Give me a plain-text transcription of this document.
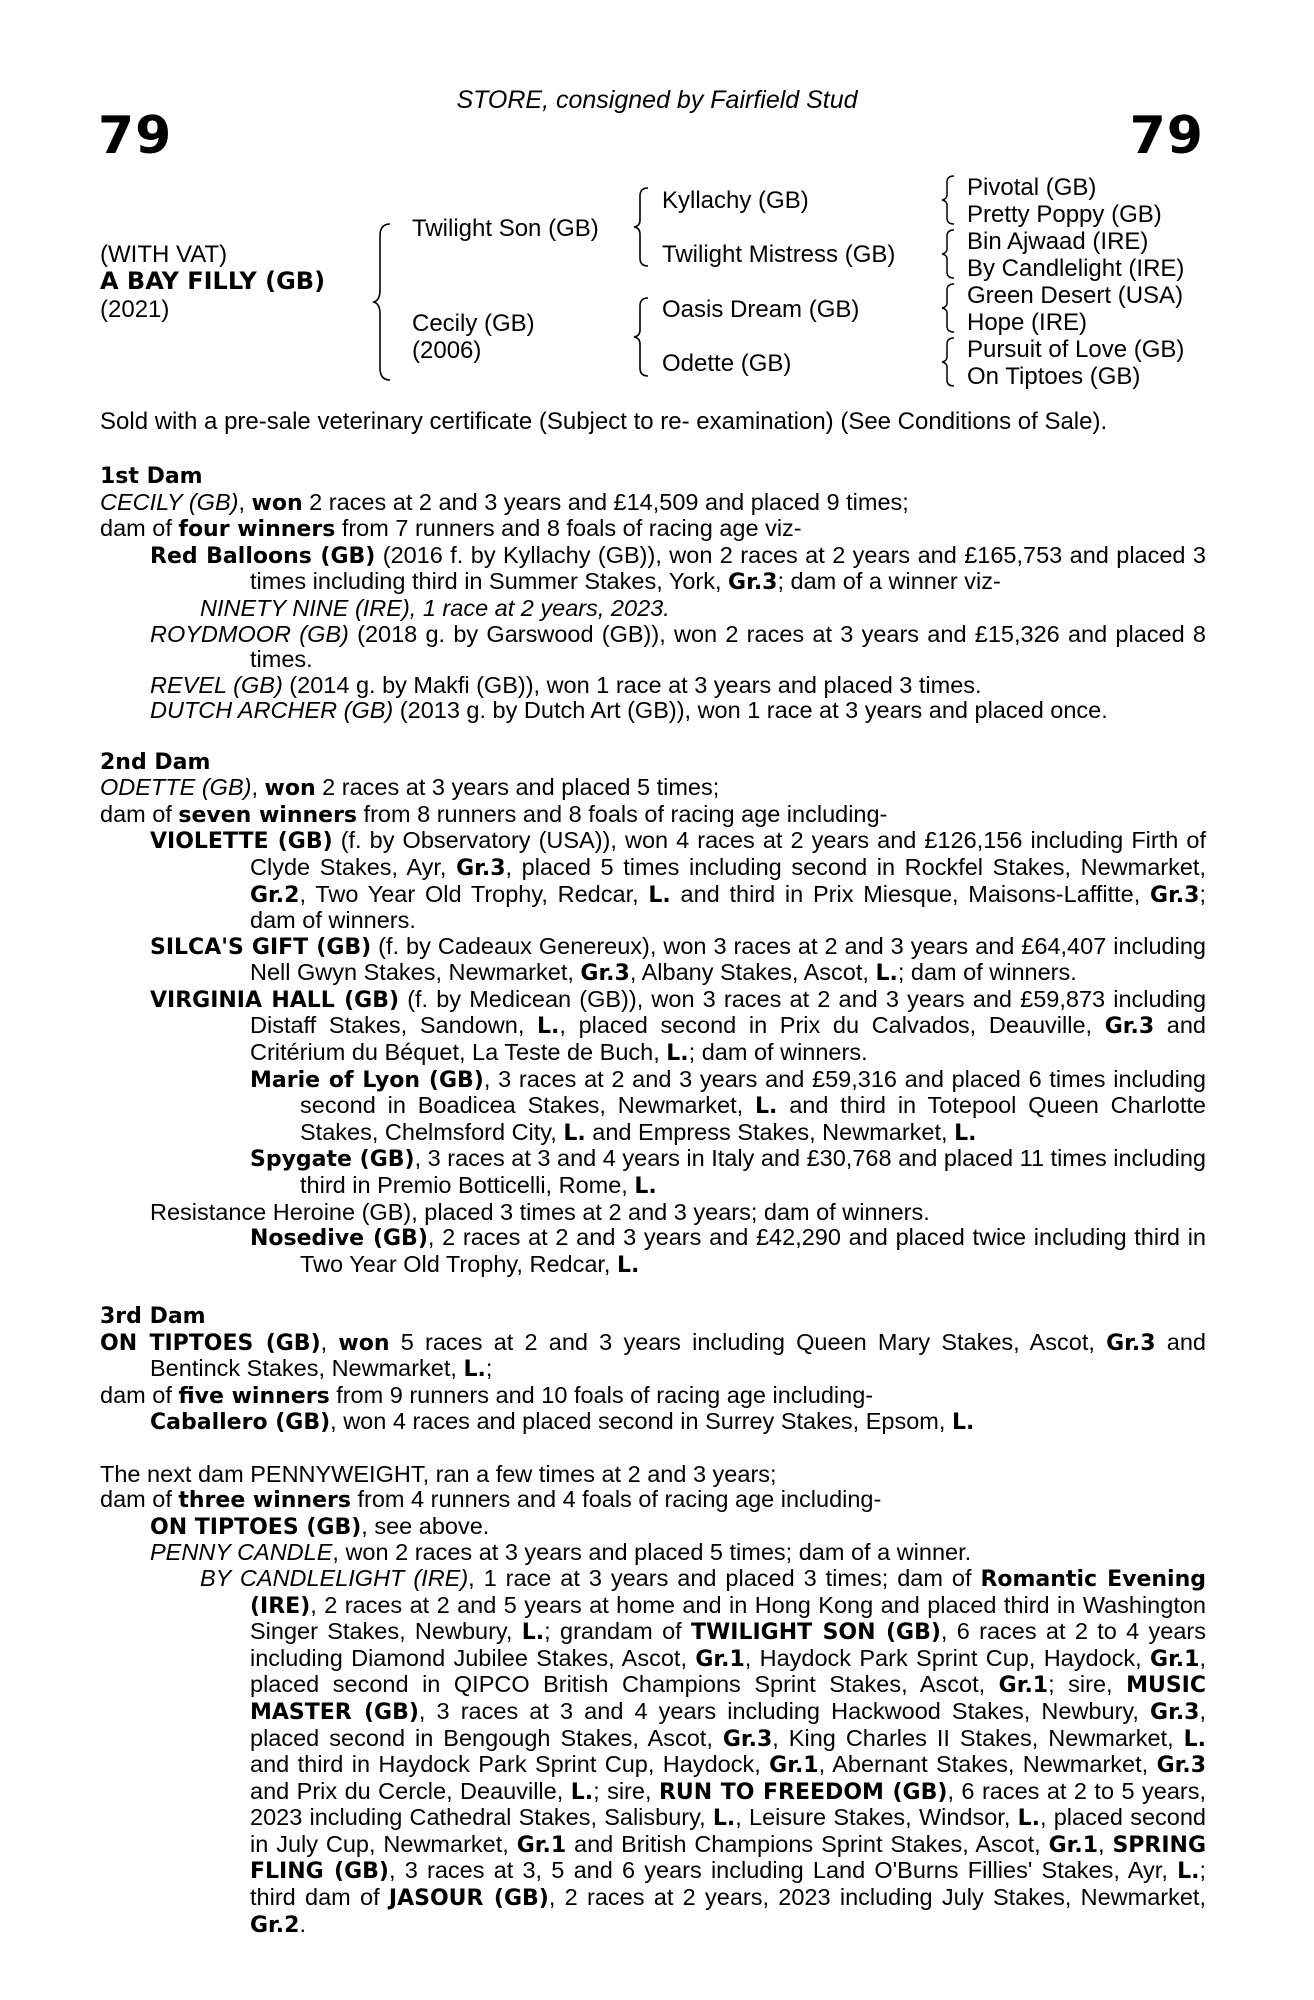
STORE, consigned by Fairfield Stud
79	79
(WITH VAT)
A BAY FILLY (GB)
(2021)
Twilight Son (GB)
Cecily (GB)
(2006)
Kyllachy (GB)
Twilight Mistress (GB)
Oasis Dream (GB)
Odette (GB)
Pivotal (GB)
Pretty Poppy (GB)
Bin Ajwaad (IRE)
By Candlelight (IRE)
Green Desert (USA)
Hope (IRE)
Pursuit of Love (GB)
On Tiptoes (GB)
Sold with a pre-sale veterinary certificate (Subject to re- examination) (See Conditions of Sale).

1st Dam

CECILY (GB), won 2 races at 2 and 3 years and £14,509 and placed 9 times;

dam of four winners from 7 runners and 8 foals of racing age viz-

Red Balloons (GB) (2016 f. by Kyllachy (GB)), won 2 races at 2 years and £165,753 and placed 3 times including third in Summer Stakes, York, Gr.3; dam of a winner viz-

NINETY NINE (IRE), 1 race at 2 years, 2023.

ROYDMOOR (GB) (2018 g. by Garswood (GB)), won 2 races at 3 years and £15,326 and placed 8 times.

REVEL (GB) (2014 g. by Makfi (GB)), won 1 race at 3 years and placed 3 times.

DUTCH ARCHER (GB) (2013 g. by Dutch Art (GB)), won 1 race at 3 years and placed once.

2nd Dam

ODETTE (GB), won 2 races at 3 years and placed 5 times;

dam of seven winners from 8 runners and 8 foals of racing age including-

VIOLETTE (GB) (f. by Observatory (USA)), won 4 races at 2 years and £126,156 including Firth of Clyde Stakes, Ayr, Gr.3, placed 5 times including second in Rockfel Stakes, Newmarket, Gr.2, Two Year Old Trophy, Redcar, L. and third in Prix Miesque, Maisons-Laffitte, Gr.3; dam of winners.

SILCA'S GIFT (GB) (f. by Cadeaux Genereux), won 3 races at 2 and 3 years and £64,407 including Nell Gwyn Stakes, Newmarket, Gr.3, Albany Stakes, Ascot, L.; dam of winners.

VIRGINIA HALL (GB) (f. by Medicean (GB)), won 3 races at 2 and 3 years and £59,873 including Distaff Stakes, Sandown, L., placed second in Prix du Calvados, Deauville, Gr.3 and Critérium du Béquet, La Teste de Buch, L.; dam of winners.

Marie of Lyon (GB), 3 races at 2 and 3 years and £59,316 and placed 6 times including second in Boadicea Stakes, Newmarket, L. and third in Totepool Queen Charlotte Stakes, Chelmsford City, L. and Empress Stakes, Newmarket, L.

Spygate (GB), 3 races at 3 and 4 years in Italy and £30,768 and placed 11 times including third in Premio Botticelli, Rome, L.

Resistance Heroine (GB), placed 3 times at 2 and 3 years; dam of winners.

Nosedive (GB), 2 races at 2 and 3 years and £42,290 and placed twice including third in Two Year Old Trophy, Redcar, L.

3rd Dam

ON TIPTOES (GB), won 5 races at 2 and 3 years including Queen Mary Stakes, Ascot, Gr.3 and Bentinck Stakes, Newmarket, L.;

dam of five winners from 9 runners and 10 foals of racing age including-

Caballero (GB), won 4 races and placed second in Surrey Stakes, Epsom, L.

The next dam PENNYWEIGHT, ran a few times at 2 and 3 years;

dam of three winners from 4 runners and 4 foals of racing age including-

ON TIPTOES (GB), see above.

PENNY CANDLE, won 2 races at 3 years and placed 5 times; dam of a winner.

BY CANDLELIGHT (IRE), 1 race at 3 years and placed 3 times; dam of Romantic Evening (IRE), 2 races at 2 and 5 years at home and in Hong Kong and placed third in Washington Singer Stakes, Newbury, L.; grandam of TWILIGHT SON (GB), 6 races at 2 to 4 years including Diamond Jubilee Stakes, Ascot, Gr.1, Haydock Park Sprint Cup, Haydock, Gr.1, placed second in QIPCO British Champions Sprint Stakes, Ascot, Gr.1; sire, MUSIC MASTER (GB), 3 races at 3 and 4 years including Hackwood Stakes, Newbury, Gr.3, placed second in Bengough Stakes, Ascot, Gr.3, King Charles II Stakes, Newmarket, L. and third in Haydock Park Sprint Cup, Haydock, Gr.1, Abernant Stakes, Newmarket, Gr.3 and Prix du Cercle, Deauville, L.; sire, RUN TO FREEDOM (GB), 6 races at 2 to 5 years, 2023 including Cathedral Stakes, Salisbury, L., Leisure Stakes, Windsor, L., placed second in July Cup, Newmarket, Gr.1 and British Champions Sprint Stakes, Ascot, Gr.1, SPRING FLING (GB), 3 races at 3, 5 and 6 years including Land O'Burns Fillies' Stakes, Ayr, L.; third dam of JASOUR (GB), 2 races at 2 years, 2023 including July Stakes, Newmarket, Gr.2.
